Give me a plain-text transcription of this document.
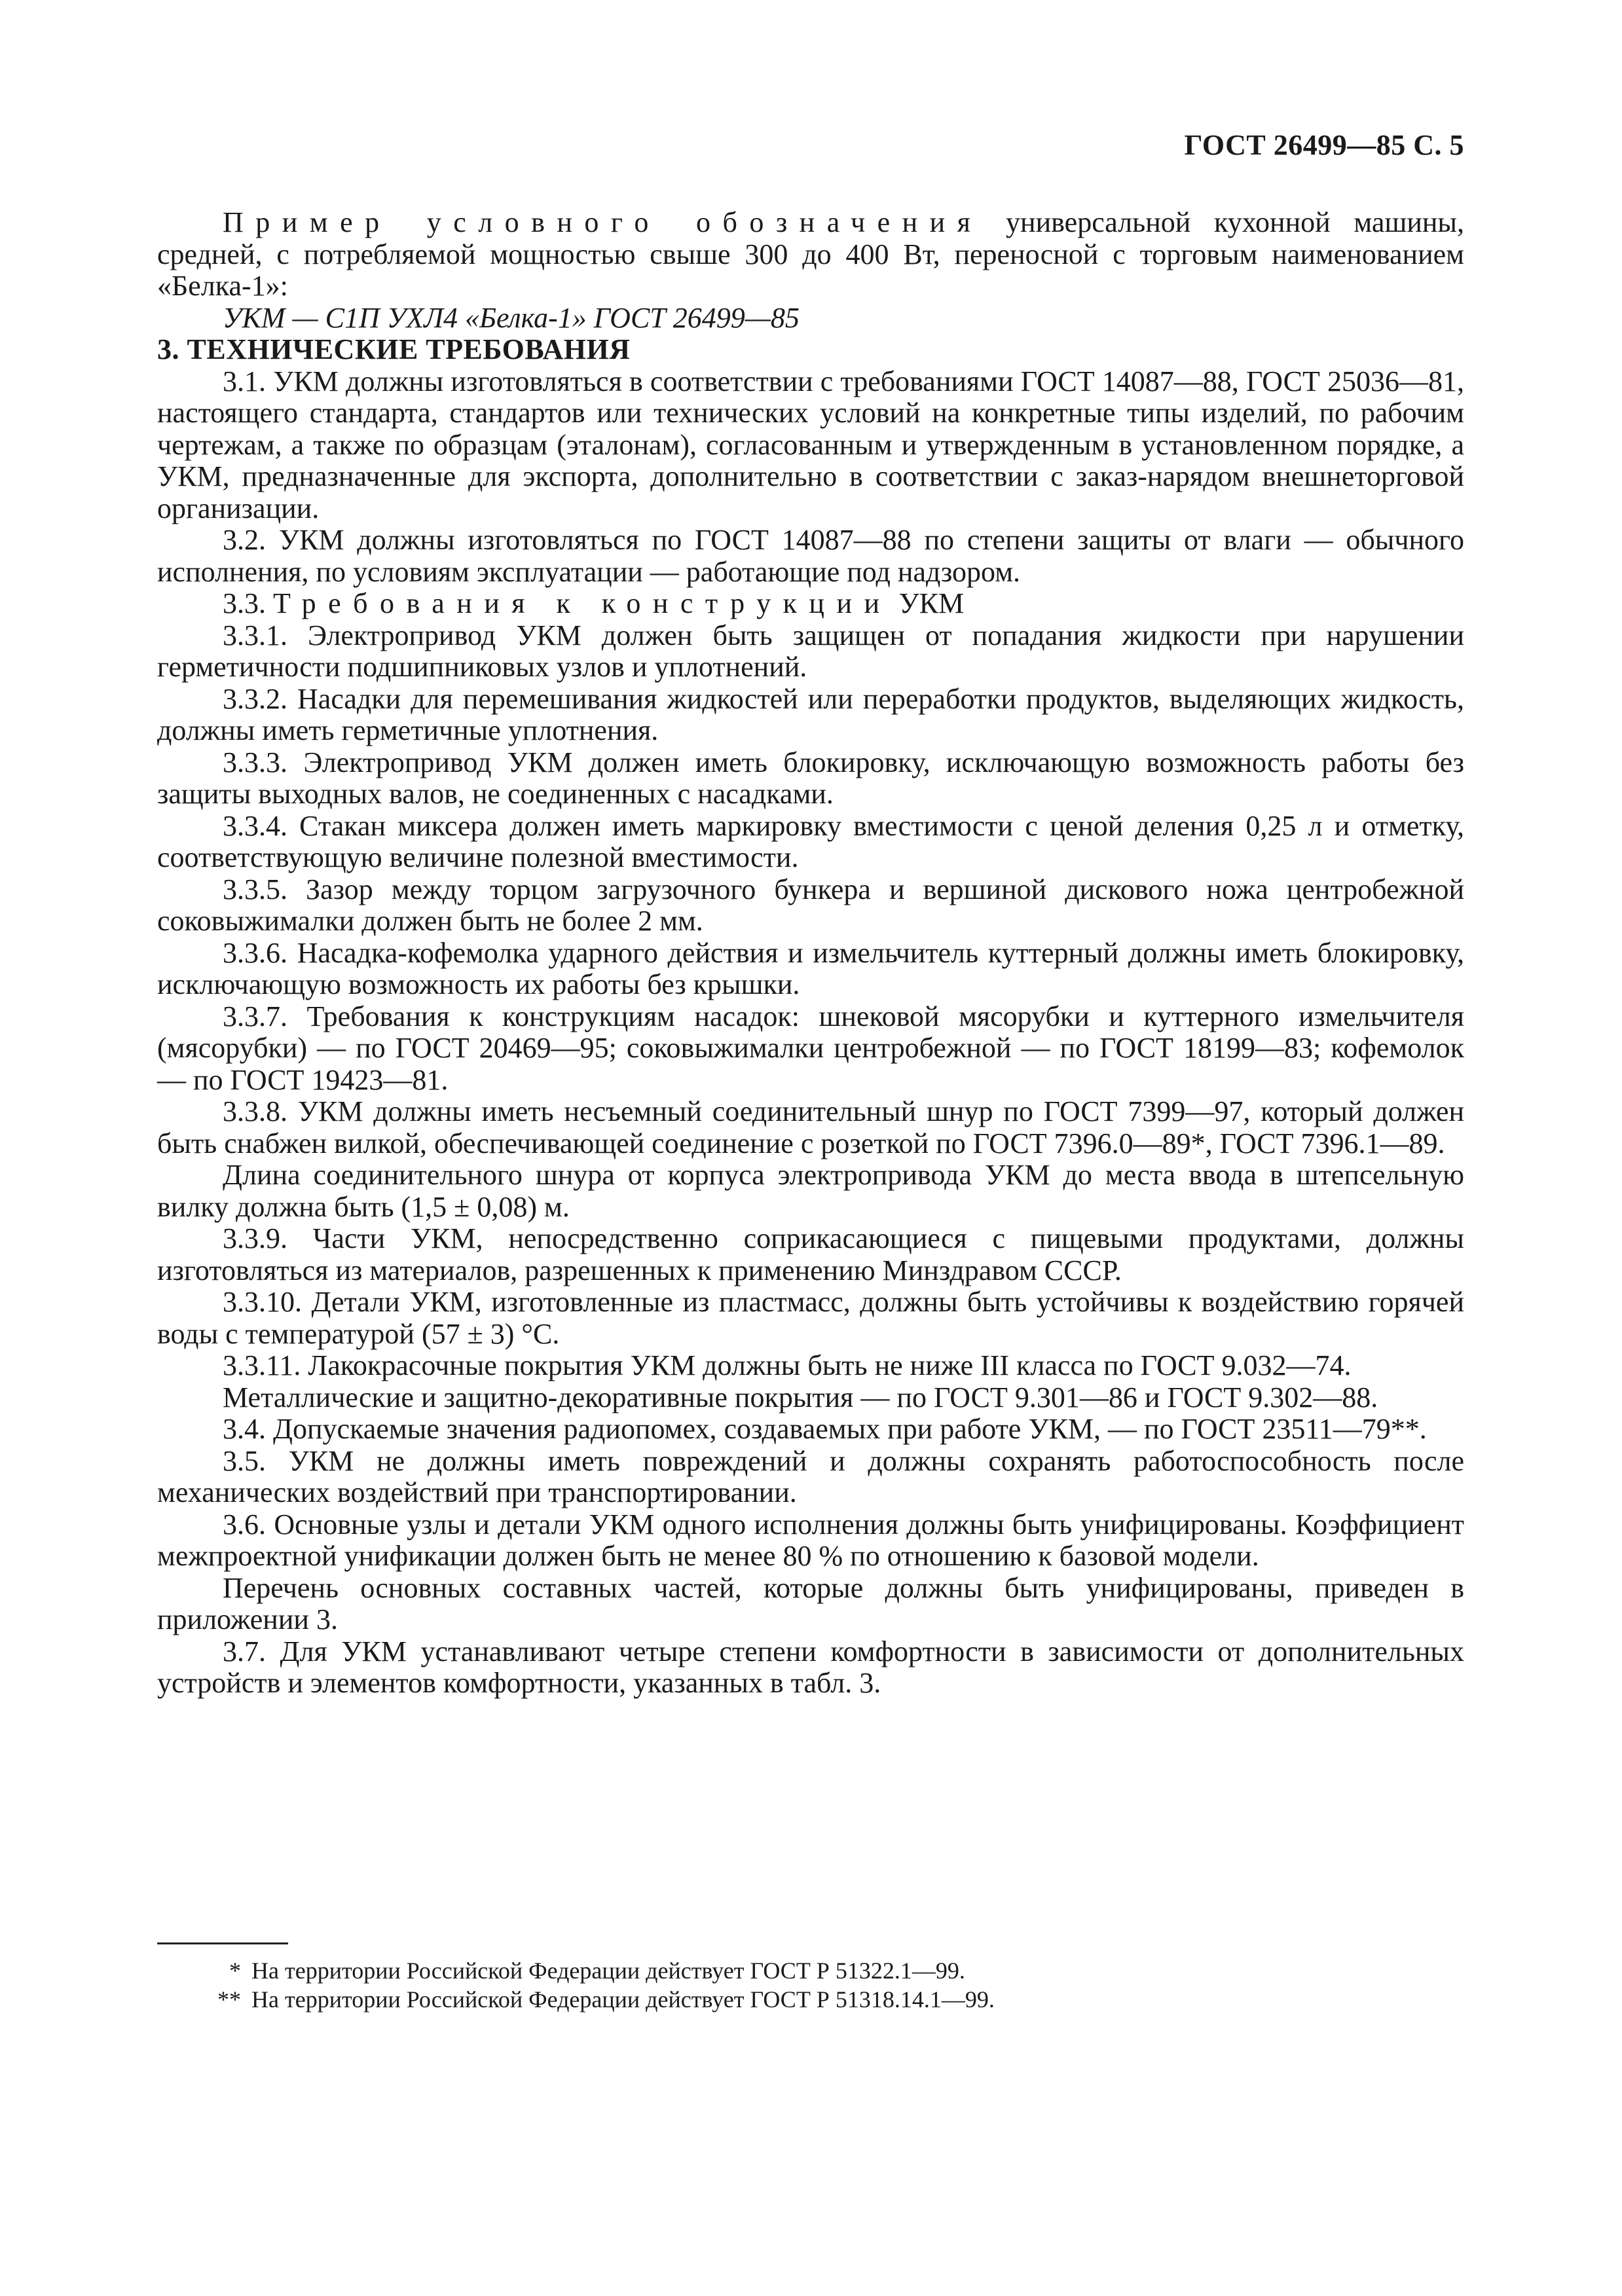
ГОСТ 26499—85 С. 5

Пример условного обозначения универсальной кухонной машины, средней, с потребляемой мощностью свыше 300 до 400 Вт, переносной с торговым наименованием «Белка-1»:

УКМ — С1П УХЛ4 «Белка-1» ГОСТ 26499—85

3. ТЕХНИЧЕСКИЕ ТРЕБОВАНИЯ

3.1. УКМ должны изготовляться в соответствии с требованиями ГОСТ 14087—88, ГОСТ 25036—81, настоящего стандарта, стандартов или технических условий на конкретные типы изделий, по рабочим чертежам, а также по образцам (эталонам), согласованным и утвержденным в установленном порядке, а УКМ, предназначенные для экспорта, дополнительно в соответствии с заказ-нарядом внешнеторговой организации.

3.2. УКМ должны изготовляться по ГОСТ 14087—88 по степени защиты от влаги — обычного исполнения, по условиям эксплуатации — работающие под надзором.

3.3. Требования к конструкции УКМ

3.3.1. Электропривод УКМ должен быть защищен от попадания жидкости при нарушении герметичности подшипниковых узлов и уплотнений.

3.3.2. Насадки для перемешивания жидкостей или переработки продуктов, выделяющих жидкость, должны иметь герметичные уплотнения.

3.3.3. Электропривод УКМ должен иметь блокировку, исключающую возможность работы без защиты выходных валов, не соединенных с насадками.

3.3.4. Стакан миксера должен иметь маркировку вместимости с ценой деления 0,25 л и отметку, соответствующую величине полезной вместимости.

3.3.5. Зазор между торцом загрузочного бункера и вершиной дискового ножа центробежной соковыжималки должен быть не более 2 мм.

3.3.6. Насадка-кофемолка ударного действия и измельчитель куттерный должны иметь блокировку, исключающую возможность их работы без крышки.

3.3.7. Требования к конструкциям насадок: шнековой мясорубки и куттерного измельчителя (мясорубки) — по ГОСТ 20469—95; соковыжималки центробежной — по ГОСТ 18199—83; кофемолок — по ГОСТ 19423—81.

3.3.8. УКМ должны иметь несъемный соединительный шнур по ГОСТ 7399—97, который должен быть снабжен вилкой, обеспечивающей соединение с розеткой по ГОСТ 7396.0—89*, ГОСТ 7396.1—89.

Длина соединительного шнура от корпуса электропривода УКМ до места ввода в штепсельную вилку должна быть (1,5 ± 0,08) м.

3.3.9. Части УКМ, непосредственно соприкасающиеся с пищевыми продуктами, должны изготовляться из материалов, разрешенных к применению Минздравом СССР.

3.3.10. Детали УКМ, изготовленные из пластмасс, должны быть устойчивы к воздействию горячей воды с температурой (57 ± 3) °С.

3.3.11. Лакокрасочные покрытия УКМ должны быть не ниже III класса по ГОСТ 9.032—74.

Металлические и защитно-декоративные покрытия — по ГОСТ 9.301—86 и ГОСТ 9.302—88.

3.4. Допускаемые значения радиопомех, создаваемых при работе УКМ, — по ГОСТ 23511—79**.

3.5. УКМ не должны иметь повреждений и должны сохранять работоспособность после механических воздействий при транспортировании.

3.6. Основные узлы и детали УКМ одного исполнения должны быть унифицированы. Коэффициент межпроектной унификации должен быть не менее 80 % по отношению к базовой модели.

Перечень основных составных частей, которые должны быть унифицированы, приведен в приложении 3.

3.7. Для УКМ устанавливают четыре степени комфортности в зависимости от дополнительных устройств и элементов комфортности, указанных в табл. 3.

* На территории Российской Федерации действует ГОСТ Р 51322.1—99.
** На территории Российской Федерации действует ГОСТ Р 51318.14.1—99.
